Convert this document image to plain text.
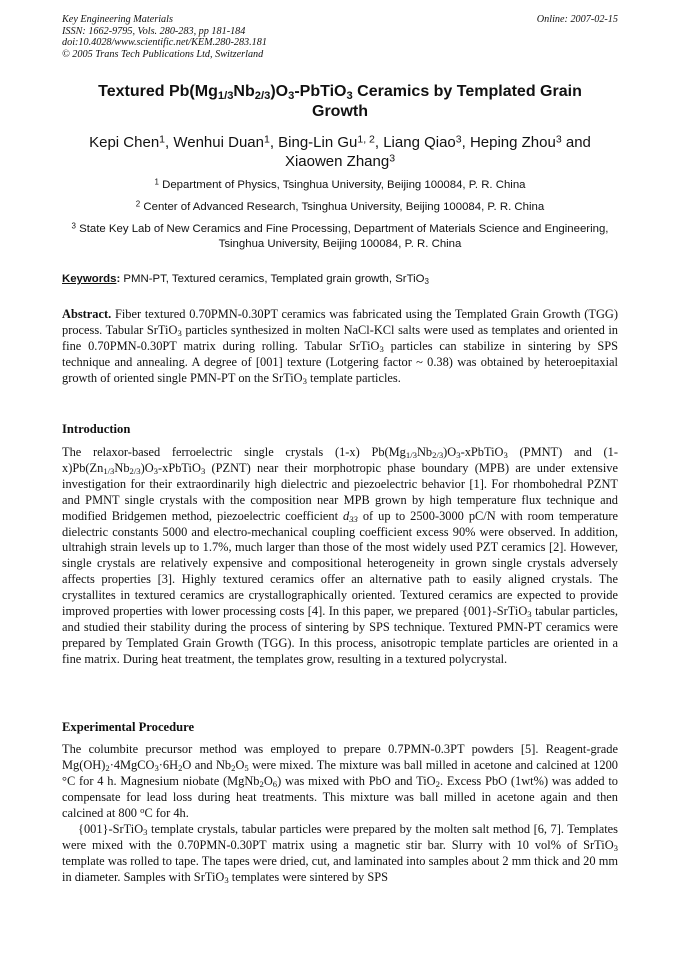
Key Engineering Materials
ISSN: 1662-9795, Vols. 280-283, pp 181-184
doi:10.4028/www.scientific.net/KEM.280-283.181
© 2005 Trans Tech Publications Ltd, Switzerland
Online: 2007-02-15
Textured $Pb(Mg_{1/3}Nb_{2/3})O_3-PbTiO_3$ Ceramics by Templated Grain Growth
Kepi Chen$^1$, Wenhui Duan$^1$, Bing-Lin Gu$^{1, 2}$, Liang Qiao$^3$, Heping Zhou$^3$ and Xiaowen Zhang$^3$
$^1$ Department of Physics, Tsinghua University, Beijing 100084, P. R. China
$^2$ Center of Advanced Research, Tsinghua University, Beijing 100084, P. R. China
$^3$ State Key Lab of New Ceramics and Fine Processing, Department of Materials Science and Engineering, Tsinghua University, Beijing 100084, P. R. China
Keywords: PMN-PT, Textured ceramics, Templated grain growth, SrTiO$_3$
Abstract. Fiber textured 0.70PMN-0.30PT ceramics was fabricated using the Templated Grain Growth (TGG) process. Tabular SrTiO$_3$ particles synthesized in molten NaCl-KCl salts were used as templates and oriented in fine 0.70PMN-0.30PT matrix during rolling. Tabular SrTiO$_3$ particles can stabilize in sintering by SPS technique and annealing. A degree of [001] texture (Lotgering factor ~ 0.38) was obtained by heteroepitaxial growth of oriented single PMN-PT on the SrTiO$_3$ template particles.
Introduction
The relaxor-based ferroelectric single crystals (1-x) $Pb(Mg_{1/3}Nb_{2/3})O_3-xPbTiO_3$ (PMNT) and $(1-x)Pb(Zn_{1/3}Nb_{2/3})O_3-xPbTiO_3$ (PZNT) near their morphotropic phase boundary (MPB) are under extensive investigation for their extraordinarily high dielectric and piezoelectric behavior [1]. For rhombohedral PZNT and PMNT single crystals with the composition near MPB grown by high temperature flux technique and modified Bridgemen method, piezoelectric coefficient $d_{33}$ of up to 2500-3000 pC/N with room temperature dielectric constants 5000 and electro-mechanical coupling coefficient excess 90% were observed. In addition, ultrahigh strain levels up to 1.7%, much larger than those of the most widely used PZT ceramics [2]. However, single crystals are relatively expensive and compositional heterogeneity in grown single crystals adversely affects properties [3]. Highly textured ceramics offer an alternative path to easily aligned crystals. The crystallites in textured ceramics are crystallographically oriented. Textured ceramics are expected to provide improved properties with lower processing costs [4]. In this paper, we prepared {001}-SrTiO$_3$ tabular particles, and studied their stability during the process of sintering by SPS technique. Textured PMN-PT ceramics were prepared by Templated Grain Growth (TGG). In this process, anisotropic template particles are oriented in a fine matrix. During heat treatment, the templates grow, resulting in a textured polycrystal.
Experimental Procedure
The columbite precursor method was employed to prepare 0.7PMN-0.3PT powders [5]. Reagent-grade $Mg(OH)_2\cdot 4MgCO_3\cdot 6H_2O$ and $Nb_2O_5$ were mixed. The mixture was ball milled in acetone and calcined at 1200 °C for 4 h. Magnesium niobate $(MgNb_2O_6)$ was mixed with PbO and TiO$_2$. Excess PbO (1wt%) was added to compensate for lead loss during heat treatments. This mixture was ball milled in acetone again and then calcined at 800 $^o$C for 4h.
{001}-SrTiO$_3$ template crystals, tabular particles were prepared by the molten salt method [6, 7]. Templates were mixed with the 0.70PMN-0.30PT matrix using a magnetic stir bar. Slurry with 10 vol% of SrTiO$_3$ template was rolled to tape. The tapes were dried, cut, and laminated into samples about 2 mm thick and 20 mm in diameter. Samples with SrTiO$_3$ templates were sintered by SPS
